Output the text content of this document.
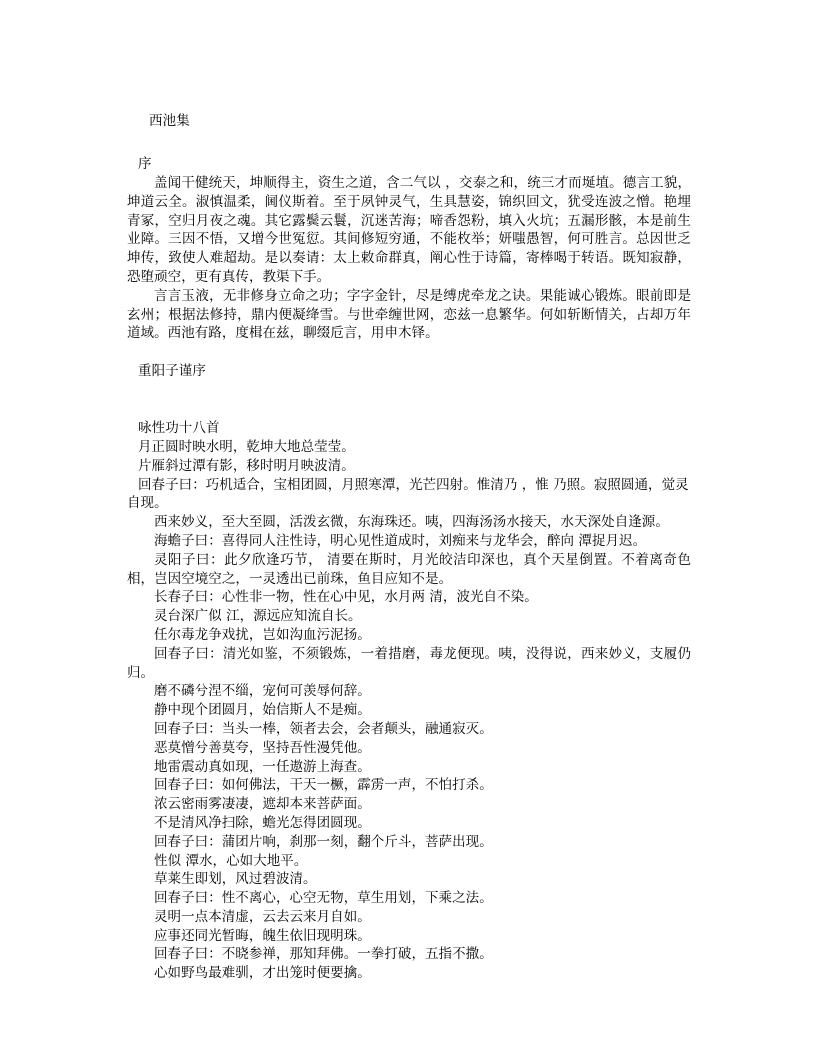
西池集
序
盖闻干健统天，坤顺得主，资生之道，含二气以 ，交泰之和，统三才而埏埴。德言工貌，坤道云全。淑慎温柔，阃仪斯着。至于夙钟灵气，生具慧姿，锦织回文，犹受连波之憎。艳埋青冢，空归月夜之魂。其它露鬓云鬟，沉迷苦海；啼香怨粉，填入火坑；五漏形骸，本是前生业障。三因不悟，又增今世冤愆。其间修短穷通，不能枚举；妍嗤愚智，何可胜言。总因世乏坤传，致使人难超劫。是以奏请：太上敕命群真，阐心性于诗篇，寄棒喝于转语。既知寂静，恐堕顽空，更有真传，教渠下手。
言言玉液，无非修身立命之功；字字金针，尽是缚虎牵龙之诀。果能诚心锻炼。眼前即是玄州；根据法修持，鼎内便凝绛雪。与世牵缠世网，恋兹一息繁华。何如斩断情关，占却万年道域。西池有路，度楫在兹，聊缀卮言，用申木铎。
重阳子谨序
咏性功十八首
月正圆时映水明，乾坤大地总莹莹。
片雁斜过潭有影，移时明月映波清。
回春子曰：巧机适合，宝相团圆，月照寒潭，光芒四射。惟清乃 ，惟 乃照。寂照圆通，觉灵自现。
西来妙义，至大至圆，活泼玄微，东海珠还。咦，四海汤汤水接天，水天深处自逢源。
海蟾子曰：喜得同人注性诗，明心见性道成时，刘痴来与龙华会，醉向 潭捉月迟。
灵阳子曰：此夕欣逢巧节， 清要在斯时，月光皎洁印深也，真个天星倒置。不着离奇色相，岂因空境空之，一灵透出已前珠，鱼目应知不是。
长春子曰：心性非一物，性在心中见，水月两 清，波光自不染。
灵台深广似 江，源远应知流自长。
任尔毒龙争戏扰，岂如沟血污泥扬。
回春子曰：清光如鉴，不须锻炼，一着措磨，毒龙便现。咦，没得说，西来妙义，支履仍归。
磨不磷兮涅不缁，宠何可羡辱何辞。
静中现个团圆月，始信斯人不是痴。
回春子曰：当头一棒，领者去会，会者颠头，融通寂灭。
恶莫憎兮善莫夸，坚持吾性漫凭他。
地雷震动真如现，一任遨游上海查。
回春子曰：如何佛法，干天一橛，霹雳一声，不怕打杀。
浓云密雨雾凄凄，遮却本来菩萨面。
不是清风净扫除，蟾光怎得团圆现。
回春子曰：蒲团片响，刹那一刻，翻个斤斗，菩萨出现。
性似 潭水，心如大地平。
草莱生即划，风过碧波清。
回春子曰：性不离心，心空无物，草生用划，下乘之法。
灵明一点本清虚，云去云来月自如。
应事还同光暂晦，魄生依旧现明珠。
回春子曰：不晓参禅，那知拜佛。一拳打破，五指不撒。
心如野鸟最难驯，才出笼时便要擒。
